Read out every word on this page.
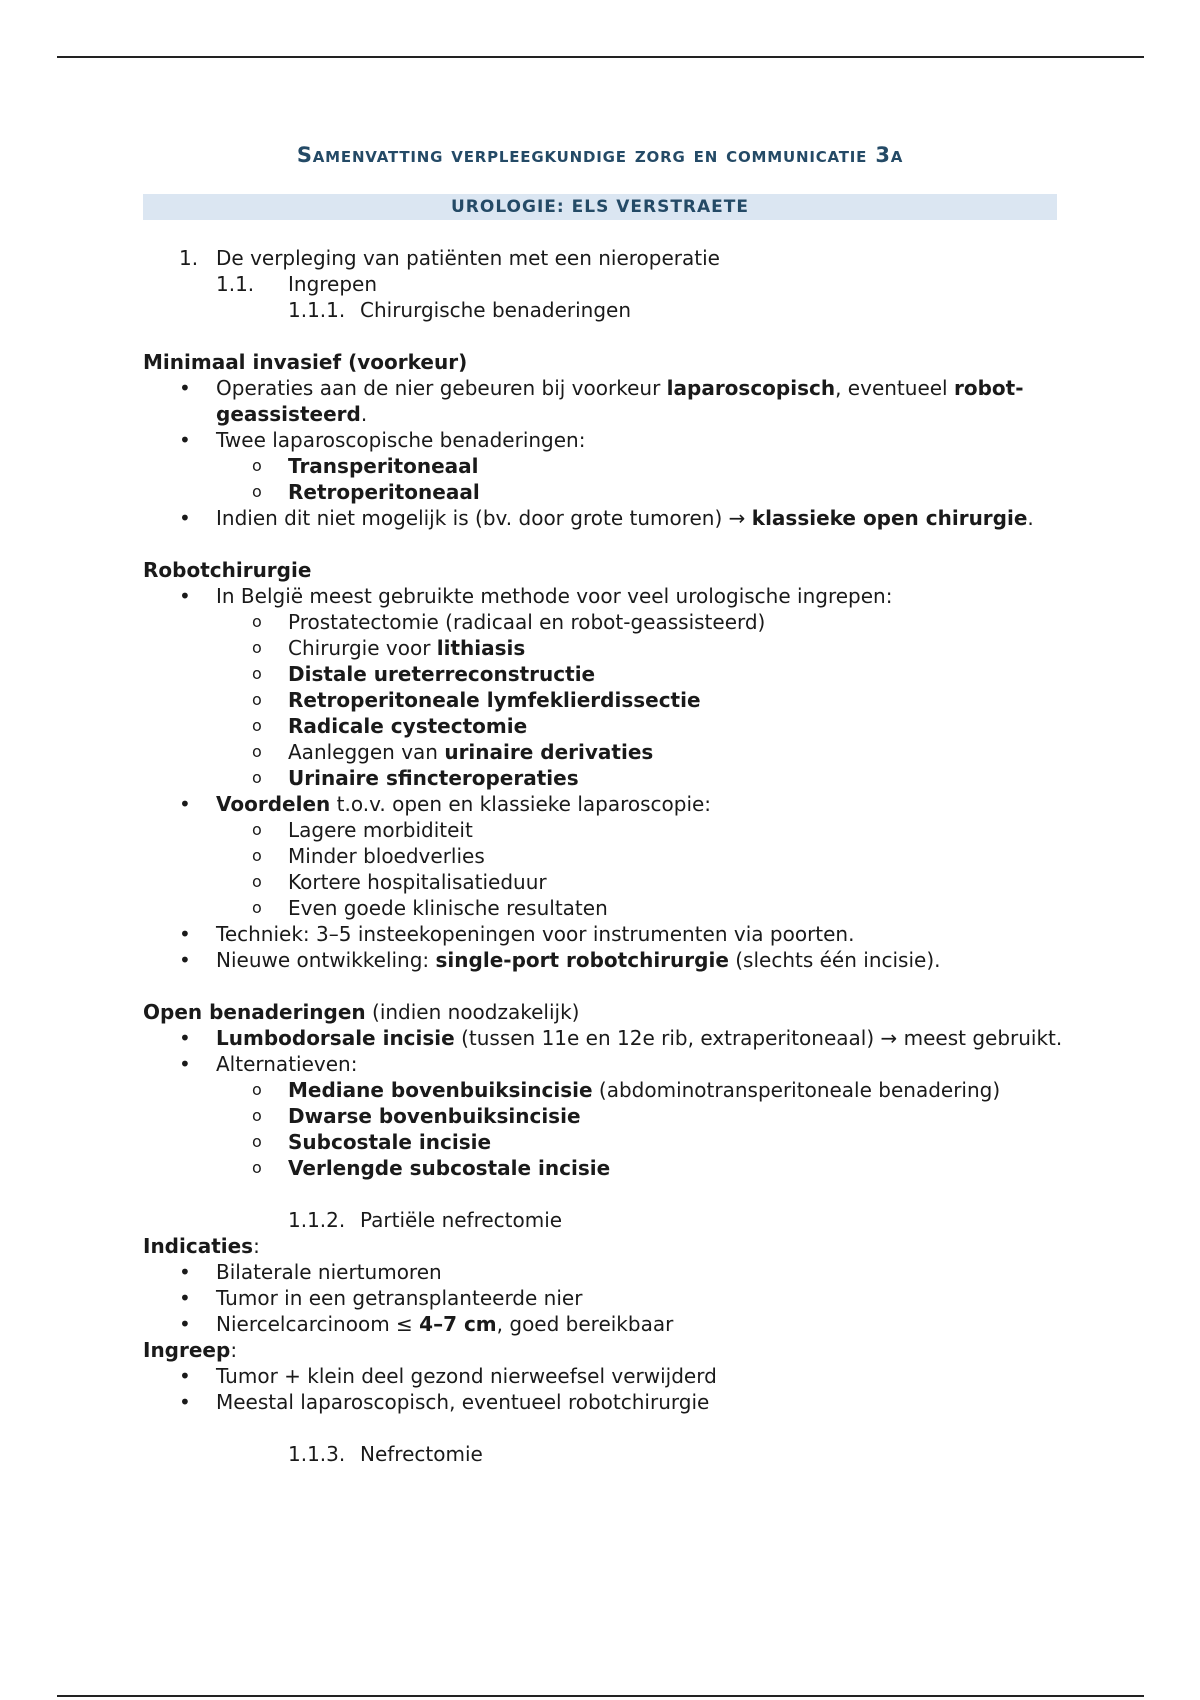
Samenvatting verpleegkundige zorg en communicatie 3a
UROLOGIE: ELS VERSTRAETE
1. De verpleging van patiënten met een nieroperatie
1.1. Ingrepen
1.1.1. Chirurgische benaderingen
Minimaal invasief (voorkeur)
• Operaties aan de nier gebeuren bij voorkeur laparoscopisch, eventueel robot-geassisteerd.
• Twee laparoscopische benaderingen:
o Transperitoneaal
o Retroperitoneaal
• Indien dit niet mogelijk is (bv. door grote tumoren) → klassieke open chirurgie.
Robotchirurgie
• In België meest gebruikte methode voor veel urologische ingrepen:
o Prostatectomie (radicaal en robot-geassisteerd)
o Chirurgie voor lithiasis
o Distale ureterreconstructie
o Retroperitoneale lymfeklierdissectie
o Radicale cystectomie
o Aanleggen van urinaire derivaties
o Urinaire sfincteroperaties
• Voordelen t.o.v. open en klassieke laparoscopie:
o Lagere morbiditeit
o Minder bloedverlies
o Kortere hospitalisatieduur
o Even goede klinische resultaten
• Techniek: 3–5 insteekopeningen voor instrumenten via poorten.
• Nieuwe ontwikkeling: single-port robotchirurgie (slechts één incisie).
Open benaderingen (indien noodzakelijk)
• Lumbodorsale incisie (tussen 11e en 12e rib, extraperitoneaal) → meest gebruikt.
• Alternatieven:
o Mediane bovenbuiksincisie (abdominotransperitoneale benadering)
o Dwarse bovenbuiksincisie
o Subcostale incisie
o Verlengde subcostale incisie
1.1.2. Partiële nefrectomie
Indicaties:
• Bilaterale niertumoren
• Tumor in een getransplanteerde nier
• Niercelcarcinoom ≤ 4–7 cm, goed bereikbaar
Ingreep:
• Tumor + klein deel gezond nierweefsel verwijderd
• Meestal laparoscopisch, eventueel robotchirurgie
1.1.3. Nefrectomie
